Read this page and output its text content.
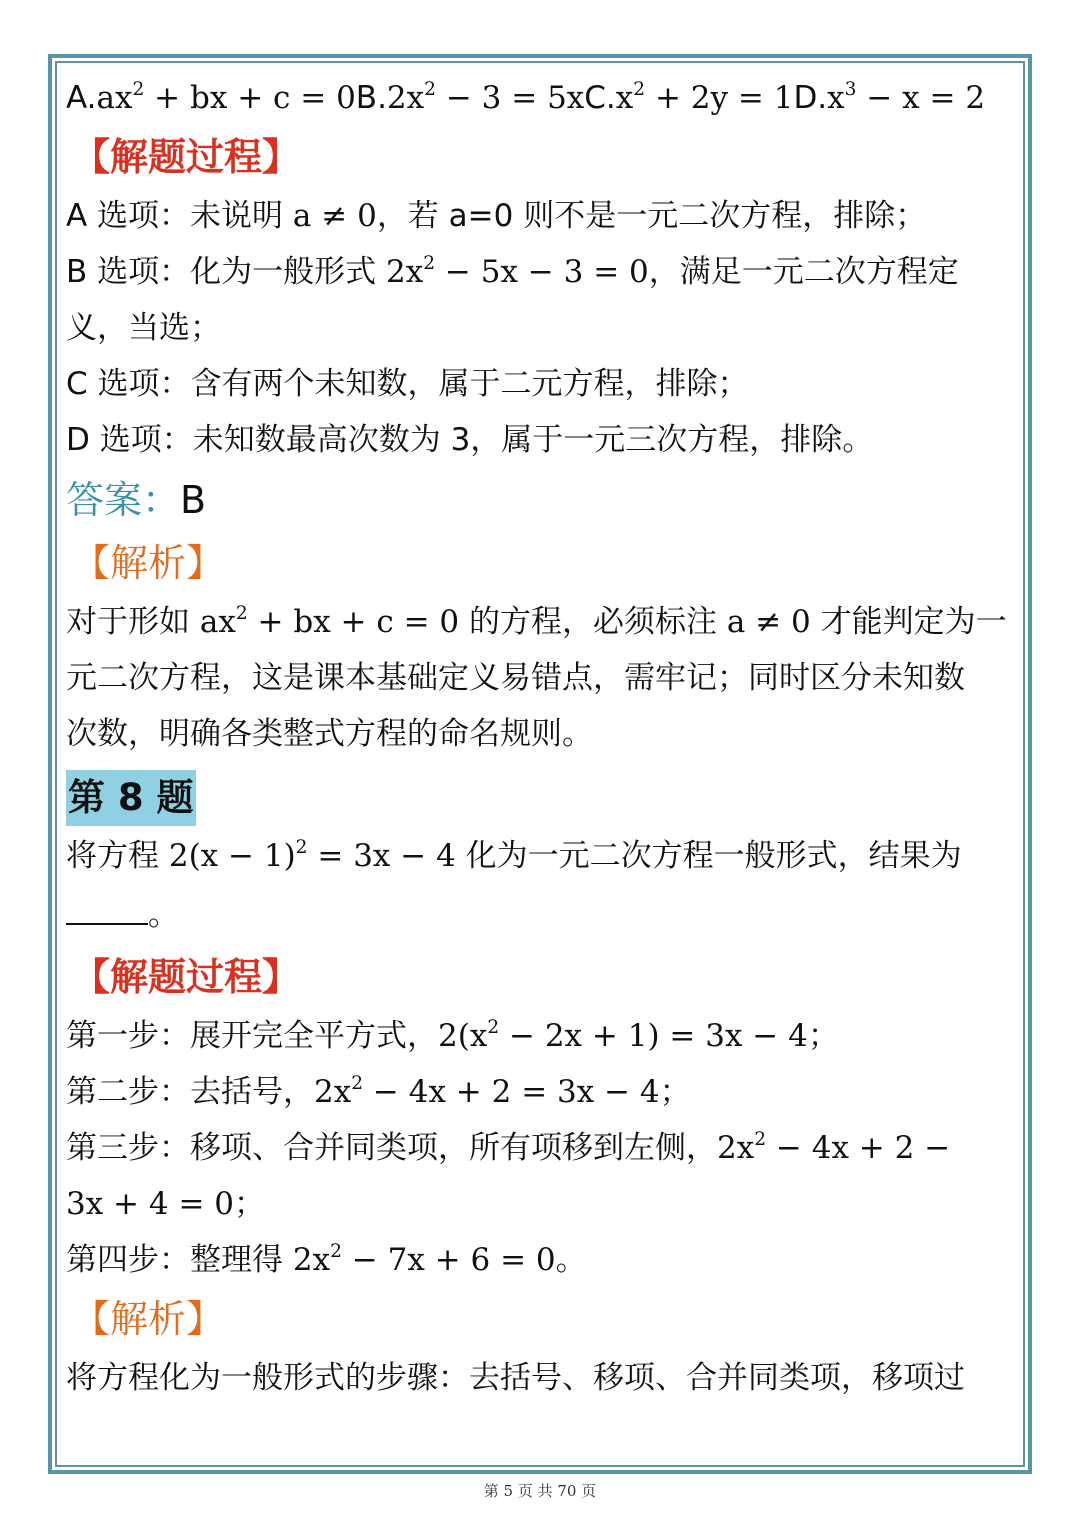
$A.ax^2$ + bx + $c = 0B.2x^2 - 3 = 5xC.x^2 + 2y = 1D.x^3 - x = 2$
【解题过程】
A 选项：未说明 a ≠ 0，若 a=0 则不是一元二次方程，排除；
B 选项：化为一般形式 $2x^2 - 5x - 3 = 0$，满足一元二次方程定
义，当选；
C 选项：含有两个未知数，属于二元方程，排除；
D 选项：未知数最高次数为 3，属于一元三次方程，排除。
答案：B
【解析】
对于形如 $ax^2$ + bx + c = 0 的方程，必须标注 a ≠ 0 才能判定为一
元二次方程，这是课本基础定义易错点，需牢记；同时区分未知数
次数，明确各类整式方程的命名规则。
第 8 题
将方程 $2(x - 1)^2 = 3x - 4$ 化为一元二次方程一般形式，结果为
。
【解题过程】
第一步：展开完全平方式，$2(x^2 - 2x + 1) = 3x - 4$；
第二步：去括号，$2x^2 - 4x + 2 = 3x - 4$；
第三步：移项、合并同类项，所有项移到左侧，$2x^2 - 4x + 2$ −
3x + 4 = 0；
第四步：整理得 $2x^2 - 7x + 6 = 0$。
【解析】
将方程化为一般形式的步骤：去括号、移项、合并同类项，移项过
第 5 页 共 70 页
